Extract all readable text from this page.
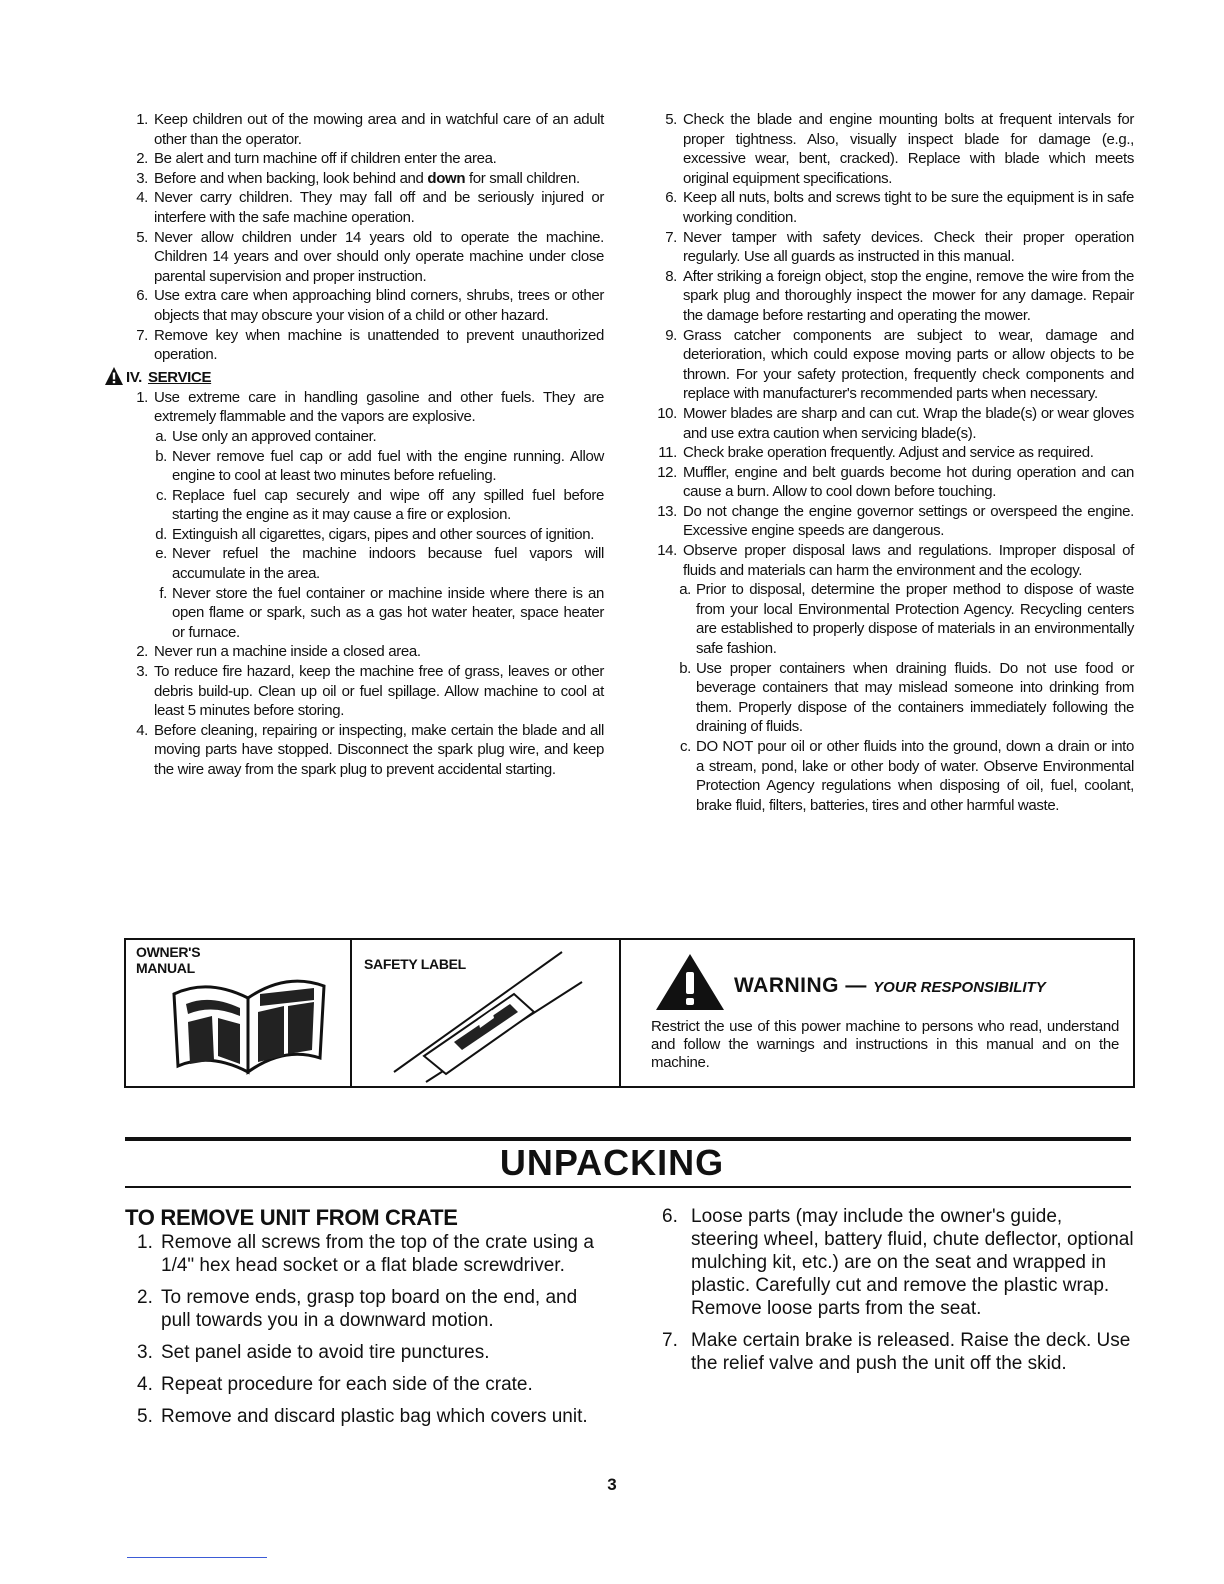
1. Keep children out of the mowing area and in watchful care of an adult other than the operator.
2. Be alert and turn machine off if children enter the area.
3. Before and when backing, look behind and down for small children.
4. Never carry children. They may fall off and be seriously injured or interfere with the safe machine operation.
5. Never allow children under 14 years old to operate the machine. Children 14 years and over should only operate machine under close parental supervision and proper instruction.
6. Use extra care when approaching blind corners, shrubs, trees or other objects that may obscure your vision of a child or other hazard.
7. Remove key when machine is unattended to prevent unauthorized operation.
IV. SERVICE
1. Use extreme care in handling gasoline and other fuels. They are extremely flammable and the vapors are explosive.
a. Use only an approved container.
b. Never remove fuel cap or add fuel with the engine running. Allow engine to cool at least two minutes before refueling.
c. Replace fuel cap securely and wipe off any spilled fuel before starting the engine as it may cause a fire or explosion.
d. Extinguish all cigarettes, cigars, pipes and other sources of ignition.
e. Never refuel the machine indoors because fuel vapors will accumulate in the area.
f. Never store the fuel container or machine inside where there is an open flame or spark, such as a gas hot water heater, space heater or furnace.
2. Never run a machine inside a closed area.
3. To reduce fire hazard, keep the machine free of grass, leaves or other debris build-up. Clean up oil or fuel spillage. Allow machine to cool at least 5 minutes before storing.
4. Before cleaning, repairing or inspecting, make certain the blade and all moving parts have stopped. Disconnect the spark plug wire, and keep the wire away from the spark plug to prevent accidental starting.
5. Check the blade and engine mounting bolts at frequent intervals for proper tightness. Also, visually inspect blade for damage (e.g., excessive wear, bent, cracked). Replace with blade which meets original equipment specifications.
6. Keep all nuts, bolts and screws tight to be sure the equipment is in safe working condition.
7. Never tamper with safety devices. Check their proper operation regularly. Use all guards as instructed in this manual.
8. After striking a foreign object, stop the engine, remove the wire from the spark plug and thoroughly inspect the mower for any damage. Repair the damage before restarting and operating the mower.
9. Grass catcher components are subject to wear, damage and deterioration, which could expose moving parts or allow objects to be thrown. For your safety protection, frequently check components and replace with manufacturer's recommended parts when necessary.
10. Mower blades are sharp and can cut. Wrap the blade(s) or wear gloves and use extra caution when servicing blade(s).
11. Check brake operation frequently. Adjust and service as required.
12. Muffler, engine and belt guards become hot during operation and can cause a burn. Allow to cool down before touching.
13. Do not change the engine governor settings or overspeed the engine. Excessive engine speeds are dangerous.
14. Observe proper disposal laws and regulations. Improper disposal of fluids and materials can harm the environment and the ecology.
a. Prior to disposal, determine the proper method to dispose of waste from your local Environmental Protection Agency. Recycling centers are established to properly dispose of materials in an environmentally safe fashion.
b. Use proper containers when draining fluids. Do not use food or beverage containers that may mislead someone into drinking from them. Properly dispose of the containers immediately following the draining of fluids.
c. DO NOT pour oil or other fluids into the ground, down a drain or into a stream, pond, lake or other body of water. Observe Environmental Protection Agency regulations when disposing of oil, fuel, coolant, brake fluid, filters, batteries, tires and other harmful waste.
OWNER'S
MANUAL	SAFETY LABEL
WARNING — YOUR RESPONSIBILITY
Restrict the use of this power machine to persons who read, understand and follow the warnings and instructions in this manual and on the machine.
UNPACKING
TO REMOVE UNIT FROM CRATE
1. Remove all screws from the top of the crate using a 1/4" hex head socket or a flat blade screwdriver.
2. To remove ends, grasp top board on the end, and pull towards you in a downward motion.
3. Set panel aside to avoid tire punctures.
4. Repeat procedure for each side of the crate.
5. Remove and discard plastic bag which covers unit.
6. Loose parts (may include the owner's guide, steering wheel, battery fluid, chute deflector, optional mulching kit, etc.) are on the seat and wrapped in plastic. Carefully cut and remove the plastic wrap. Remove loose parts from the seat.
7. Make certain brake is released. Raise the deck. Use the relief valve and push the unit off the skid.
3
